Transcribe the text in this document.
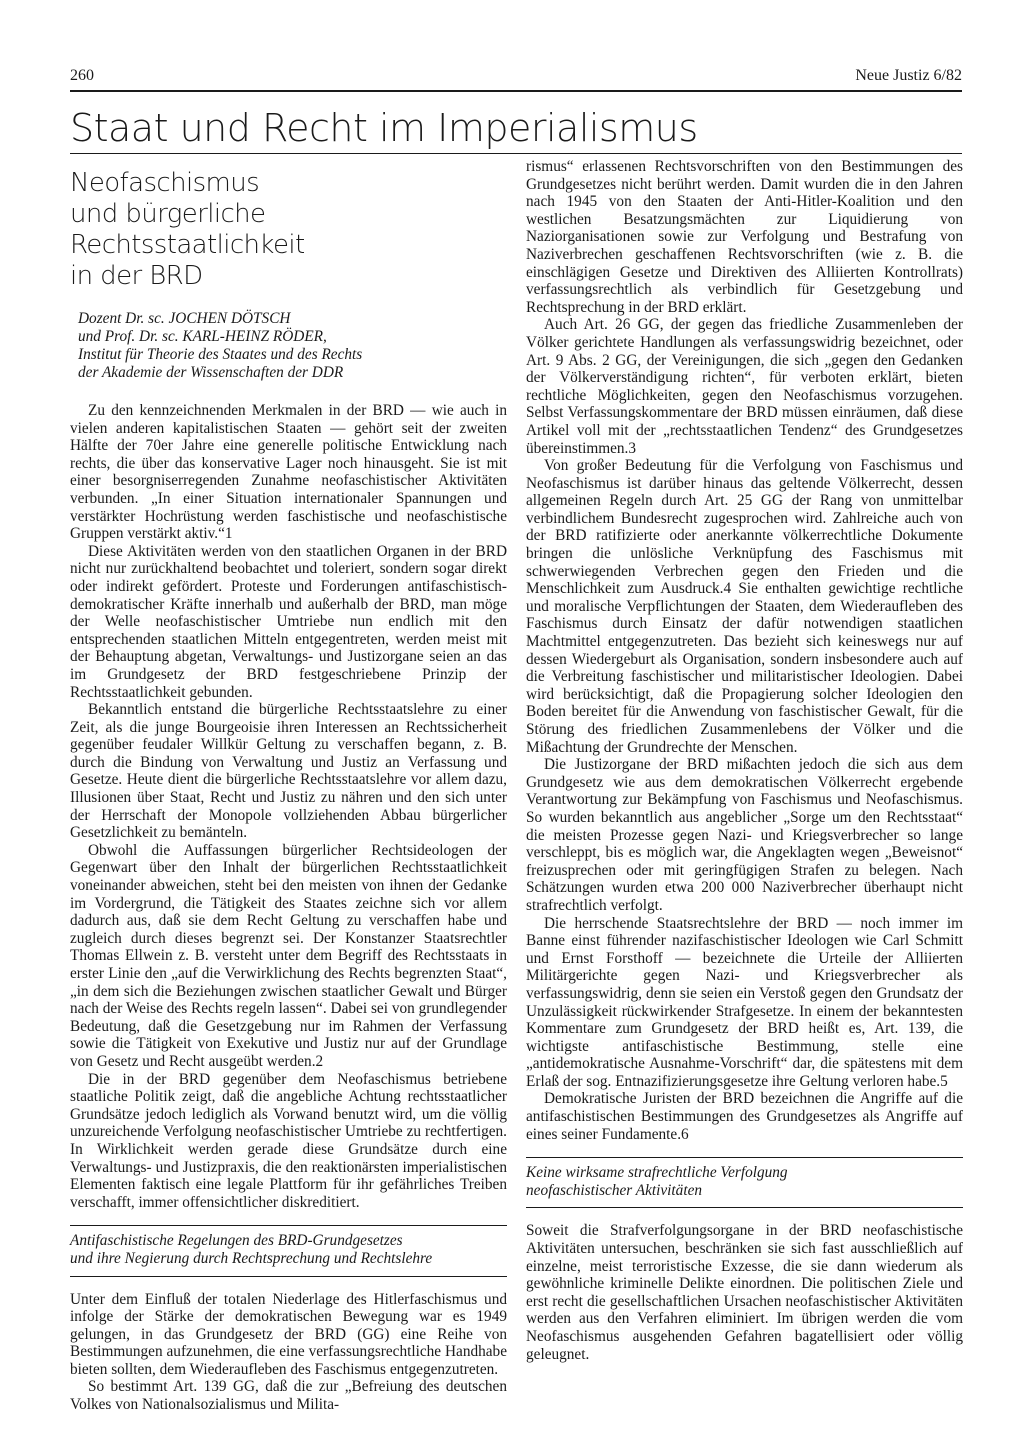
260	Neue Justiz 6/82
Staat und Recht im Imperialismus
Neofaschismus
und bürgerliche Rechtsstaatlichkeit
in der BRD
Dozent Dr. sc. JOCHEN DÖTSCH
und Prof. Dr. sc. KARL-HEINZ RÖDER,
Institut für Theorie des Staates und des Rechts
der Akademie der Wissenschaften der DDR

Zu den kennzeichnenden Merkmalen in der BRD — wie auch in vielen anderen kapitalistischen Staaten — gehört seit der zweiten Hälfte der 70er Jahre eine generelle politische Entwicklung nach rechts, die über das konservative Lager noch hinausgeht. Sie ist mit einer besorgniserregenden Zunahme neofaschistischer Aktivitäten verbunden. „In einer Situation internationaler Spannungen und verstärkter Hochrüstung werden faschistische und neofaschistische Gruppen verstärkt aktiv.“1

Diese Aktivitäten werden von den staatlichen Organen in der BRD nicht nur zurückhaltend beobachtet und toleriert, sondern sogar direkt oder indirekt gefördert. Proteste und Forderungen antifaschistisch-demokratischer Kräfte innerhalb und außerhalb der BRD, man möge der Welle neofaschistischer Umtriebe nun endlich mit den entsprechenden staatlichen Mitteln entgegentreten, werden meist mit der Behauptung abgetan, Verwaltungs- und Justizorgane seien an das im Grundgesetz der BRD festgeschriebene Prinzip der Rechtsstaatlichkeit gebunden.

Bekanntlich entstand die bürgerliche Rechtsstaatslehre zu einer Zeit, als die junge Bourgeoisie ihren Interessen an Rechtssicherheit gegenüber feudaler Willkür Geltung zu verschaffen begann, z. B. durch die Bindung von Verwaltung und Justiz an Verfassung und Gesetze. Heute dient die bürgerliche Rechtsstaatslehre vor allem dazu, Illusionen über Staat, Recht und Justiz zu nähren und den sich unter der Herrschaft der Monopole vollziehenden Abbau bürgerlicher Gesetzlichkeit zu bemänteln.

Obwohl die Auffassungen bürgerlicher Rechtsideologen der Gegenwart über den Inhalt der bürgerlichen Rechtsstaatlichkeit voneinander abweichen, steht bei den meisten von ihnen der Gedanke im Vordergrund, die Tätigkeit des Staates zeichne sich vor allem dadurch aus, daß sie dem Recht Geltung zu verschaffen habe und zugleich durch dieses begrenzt sei. Der Konstanzer Staatsrechtler Thomas Ellwein z. B. versteht unter dem Begriff des Rechtsstaats in erster Linie den „auf die Verwirklichung des Rechts begrenzten Staat“, „in dem sich die Beziehungen zwischen staatlicher Gewalt und Bürger nach der Weise des Rechts regeln lassen“. Dabei sei von grundlegender Bedeutung, daß die Gesetzgebung nur im Rahmen der Verfassung sowie die Tätigkeit von Exekutive und Justiz nur auf der Grundlage von Gesetz und Recht ausgeübt werden.2

Die in der BRD gegenüber dem Neofaschismus betriebene staatliche Politik zeigt, daß die angebliche Achtung rechtsstaatlicher Grundsätze jedoch lediglich als Vorwand benutzt wird, um die völlig unzureichende Verfolgung neofaschistischer Umtriebe zu rechtfertigen. In Wirklichkeit werden gerade diese Grundsätze durch eine Verwaltungs- und Justizpraxis, die den reaktionärsten imperialistischen Elementen faktisch eine legale Plattform für ihr gefährliches Treiben verschafft, immer offensichtlicher diskreditiert.

Antifaschistische Regelungen des BRD-Grundgesetzes
und ihre Negierung durch Rechtsprechung und Rechtslehre

Unter dem Einfluß der totalen Niederlage des Hitlerfaschismus und infolge der Stärke der demokratischen Bewegung war es 1949 gelungen, in das Grundgesetz der BRD (GG) eine Reihe von Bestimmungen aufzunehmen, die eine verfassungsrechtliche Handhabe bieten sollten, dem Wiederaufleben des Faschismus entgegenzutreten.

So bestimmt Art. 139 GG, daß die zur „Befreiung des deutschen Volkes von Nationalsozialismus und Milita-

rismus“ erlassenen Rechtsvorschriften von den Bestimmungen des Grundgesetzes nicht berührt werden. Damit wurden die in den Jahren nach 1945 von den Staaten der Anti-Hitler-Koalition und den westlichen Besatzungsmächten zur Liquidierung von Naziorganisationen sowie zur Verfolgung und Bestrafung von Naziverbrechen geschaffenen Rechtsvorschriften (wie z. B. die einschlägigen Gesetze und Direktiven des Alliierten Kontrollrats) verfassungsrechtlich als verbindlich für Gesetzgebung und Rechtsprechung in der BRD erklärt.

Auch Art. 26 GG, der gegen das friedliche Zusammenleben der Völker gerichtete Handlungen als verfassungswidrig bezeichnet, oder Art. 9 Abs. 2 GG, der Vereinigungen, die sich „gegen den Gedanken der Völkerverständigung richten“, für verboten erklärt, bieten rechtliche Möglichkeiten, gegen den Neofaschismus vorzugehen. Selbst Verfassungskommentare der BRD müssen einräumen, daß diese Artikel voll mit der „rechtsstaatlichen Tendenz“ des Grundgesetzes übereinstimmen.3

Von großer Bedeutung für die Verfolgung von Faschismus und Neofaschismus ist darüber hinaus das geltende Völkerrecht, dessen allgemeinen Regeln durch Art. 25 GG der Rang von unmittelbar verbindlichem Bundesrecht zugesprochen wird. Zahlreiche auch von der BRD ratifizierte oder anerkannte völkerrechtliche Dokumente bringen die unlösliche Verknüpfung des Faschismus mit schwerwiegenden Verbrechen gegen den Frieden und die Menschlichkeit zum Ausdruck.4 Sie enthalten gewichtige rechtliche und moralische Verpflichtungen der Staaten, dem Wiederaufleben des Faschismus durch Einsatz der dafür notwendigen staatlichen Machtmittel entgegenzutreten. Das bezieht sich keineswegs nur auf dessen Wiedergeburt als Organisation, sondern insbesondere auch auf die Verbreitung faschistischer und militaristischer Ideologien. Dabei wird berücksichtigt, daß die Propagierung solcher Ideologien den Boden bereitet für die Anwendung von faschistischer Gewalt, für die Störung des friedlichen Zusammenlebens der Völker und die Mißachtung der Grundrechte der Menschen.

Die Justizorgane der BRD mißachten jedoch die sich aus dem Grundgesetz wie aus dem demokratischen Völkerrecht ergebende Verantwortung zur Bekämpfung von Faschismus und Neofaschismus. So wurden bekanntlich aus angeblicher „Sorge um den Rechtsstaat“ die meisten Prozesse gegen Nazi- und Kriegsverbrecher so lange verschleppt, bis es möglich war, die Angeklagten wegen „Beweisnot“ freizusprechen oder mit geringfügigen Strafen zu belegen. Nach Schätzungen wurden etwa 200 000 Naziverbrecher überhaupt nicht strafrechtlich verfolgt.

Die herrschende Staatsrechtslehre der BRD — noch immer im Banne einst führender nazifaschistischer Ideologen wie Carl Schmitt und Ernst Forsthoff — bezeichnete die Urteile der Alliierten Militärgerichte gegen Nazi- und Kriegsverbrecher als verfassungswidrig, denn sie seien ein Verstoß gegen den Grundsatz der Unzulässigkeit rückwirkender Strafgesetze. In einem der bekanntesten Kommentare zum Grundgesetz der BRD heißt es, Art. 139, die wichtigste antifaschistische Bestimmung, stelle eine „antidemokratische Ausnahme-Vorschrift“ dar, die spätestens mit dem Erlaß der sog. Entnazifizierungsgesetze ihre Geltung verloren habe.5

Demokratische Juristen der BRD bezeichnen die Angriffe auf die antifaschistischen Bestimmungen des Grundgesetzes als Angriffe auf eines seiner Fundamente.6

Keine wirksame strafrechtliche Verfolgung
neofaschistischer Aktivitäten

Soweit die Strafverfolgungsorgane in der BRD neofaschistische Aktivitäten untersuchen, beschränken sie sich fast ausschließlich auf einzelne, meist terroristische Exzesse, die sie dann wiederum als gewöhnliche kriminelle Delikte einordnen. Die politischen Ziele und erst recht die gesellschaftlichen Ursachen neofaschistischer Aktivitäten werden aus den Verfahren eliminiert. Im übrigen werden die vom Neofaschismus ausgehenden Gefahren bagatellisiert oder völlig geleugnet.
